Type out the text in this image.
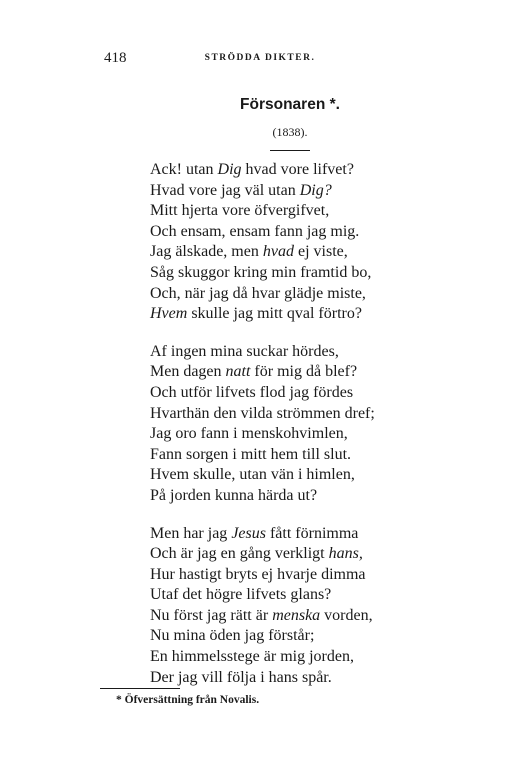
418	STRÖDDA DIKTER.
Försonaren *.
(1838).
Ack! utan Dig hvad vore lifvet?
Hvad vore jag väl utan Dig?
Mitt hjerta vore öfvergifvet,
Och ensam, ensam fann jag mig.
Jag älskade, men hvad ej viste,
Såg skuggor kring min framtid bo,
Och, när jag då hvar glädje miste,
Hvem skulle jag mitt qval förtro?
Af ingen mina suckar hördes,
Men dagen natt för mig då blef?
Och utför lifvets flod jag fördes
Hvarthän den vilda strömmen dref;
Jag oro fann i menskohvimlen,
Fann sorgen i mitt hem till slut.
Hvem skulle, utan vän i himlen,
På jorden kunna härda ut?
Men har jag Jesus fått förnimma
Och är jag en gång verkligt hans,
Hur hastigt bryts ej hvarje dimma
Utaf det högre lifvets glans?
Nu först jag rätt är menska vorden,
Nu mina öden jag förstår;
En himmelsstege är mig jorden,
Der jag vill följa i hans spår.
* Öfversättning från Novalis.
